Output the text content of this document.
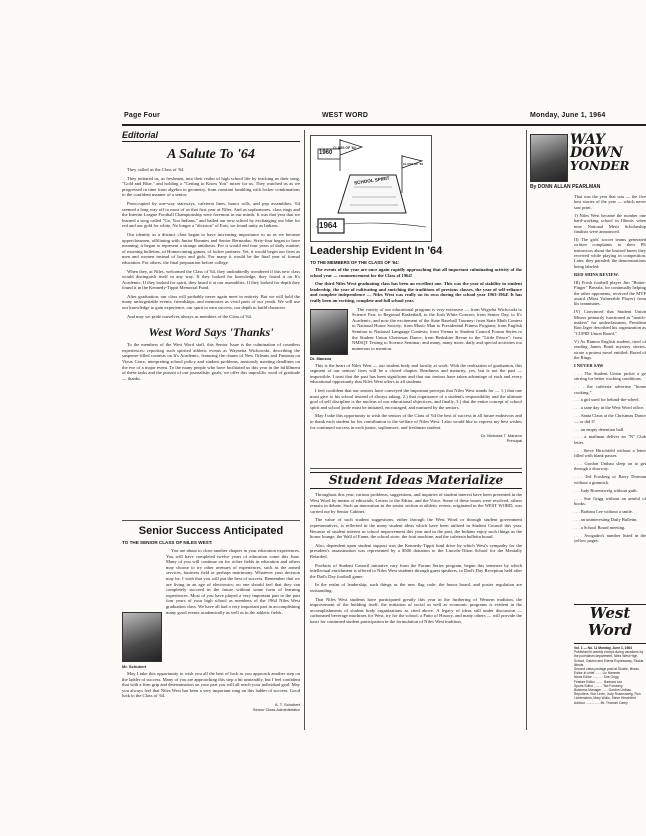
Page Four	WEST WORD	Monday, June 1, 1964
Editorial
A Salute To '64

They called us the Class of '64.

They initiated us, as freshmen, into their realm of high school life by teaching us their song, "Gold and Blue," and holding a "Getting to Know You" mixer for us. They watched us as we progressed in time from algebra to geometry, from constant fumbling with locker combinations to the confident manner of a senior.

Preoccupied by one-way stairways, cafeteria lines, honor rolls, and pep assemblies, '64 seemed a long way off to most of us that first year at Niles. And as sophomores, class rings and the Interim League Football Championship were foremost in our minds. It was that year that we learned a song called "Go, You Indians," and hailed our new school by exchanging our blue for red and our gold for white. No longer a "division" of East, we found unity as Indians.

Our identity as a distinct class began to have increasing importance to us as we became upperclassmen, affiliating with Junior Bonnies and Senior Bermudas. Sixty-four began to have meaning; it began to represent a strange antithesis. For it would end four years of daily routine, of morning bulletins, of Homecoming games, of locker partners. Yet, it would begin our lives as men and women instead of boys and girls. For many it would be the final year of formal education. For others, the final preparation before college.

When they, at Niles, welcomed the Class of '64, they undoubtedly wondered if this new class would distinguish itself in any way. If they looked for knowledge, they found it on It's Academic. If they looked for spirit, they heard it at our assemblies. If they looked for depth they found it in the Kennedy-Tippit Memorial Fund.

After graduation, our class will probably never again meet in entirety. But we will hold the many unforgettable events, friendships, and memories as vivid parts of our youth. We will use our knowledge to gain experience, our spirit to earn success, our depth to build character.

And may we pride ourselves always as members of the Class of '64.

West Word Says 'Thanks'

To the members of the West Word staff, this Senior Issue is the culmination of countless experiences: reporting such spirited athletic events as Waynetta Wichowski, describing the suspense-filled contests on It's Academic, featuring the charm of New Orleans and Fantasia on Vieux Carre, interpreting school policy and student problems, anxiously meeting deadlines on the eve of a major event. To the many people who have facilitated us this year in the fulfillment of these tasks and the pursuit of our journalistic goals, we offer this unprolific word of gratitude — thanks.

Senior Success Anticipated
TO THE SENIOR CLASS OF NILES WEST:

You are about to close another chapter in your education experiences. You will have completed twelve years of education come this June. Many of you will continue on for richer fields in education and others may choose to try other avenues of experiences, such as the armed services, business field or perhaps matrimony. Whatever your decision may be, I wish that you will put the best of success. Remember that we are living in an age of electronics; no one should feel that they can completely succeed in the future without some form of learning experiences. Most of you have played a very important part in the past four years of your high school as members of the 1964 Niles West graduation class. We have all had a very important part in accomplishing many good events academically as well as in the athletic fields.

Mr. Schubert

May I take this opportunity to wish you all the best of luck as you approach another step on the ladder of success. Many of you are approaching this step a bit unsteadily, but I feel confident that with a firm grip and determination on your part you will all reach your individual goal. May you always feel that Niles West has been a very important rung on this ladder of success. Good luck to the Class of '64.

A. T. Schubert
Senior Class Administrator
CLASS OF '64
SCHOOL SPIRIT
CLASS OF '64
1960
1964
Leadership Evident In '64
TO THE MEMBERS OF THE CLASS OF '64:

The events of the year are once again rapidly approaching that all important culminating activity of the school year — commencement for the Class of 1964!

Our third Niles West graduating class has been an excellent one. This was the year of stability in student leadership, the year of cultivating and enriching the traditions of previous classes, the year of self-reliance and complete independence — Niles West was really on its own during the school year 1963-1964! It has really been an exciting, complete and full school year.

The variety of our educational program is very extensive — from Wigwha Wichcoski to Science Fair, to Regional Basketball, to the Josh White Concert; from Senior Day, to It's Academic, and now the excitement of the State Baseball Tourney; from State Math Contest to National Honor Society; from Music Man to Presidential Fitness Program; from English Seminar to National Language Contests; from Vienna to Student Council Forum Series to the Student Union Christmas Dance, from Berkshire Revue to the "Little Prince"; from NMSQT Testing to Science Seminar; and many, many more, daily and special activities too numerous to mention.

Dr. Manzoo

This is the heart of Niles West — our student body and faculty at work. With the realization of graduation, this segment of our seniors' lives will be a closed chapter. Readiness and maturity, yes, but is not the past — impossible. I trust that the past has been significant and that our seniors have taken advantage of each and every educational opportunity that Niles West offers to all students.

I feel confident that our seniors have conveyed the important precepts that Niles West stands for — 1.) that one must give to his school instead of always taking, 2.) that cognizance of a student's responsibility and the ultimate goal of self discipline is the nucleus of our educational objectives, and finally, 3.) that the entire concept of school spirit and school pride must be initiated, encouraged, and nurtured by the seniors.

May I take this opportunity to wish the seniors of the Class of '64 the best of success in all future endeavors and to thank each student for his contribution to the welfare of Niles West. I also would like to express my best wishes for continued success in each junior, sophomore, and freshman student.

Dr. Nicholas T. Manzoo
Principal
Student Ideas Materialize

Throughout this year, various problems, suggestions, and inquiries of student interest have been presented in the West Word by means of editorials, Letters to the Editor, and the Voice. Some of these issues were resolved, others remain in debate. Such an innovation as the senior section at athletic events, originated in the WEST WORD, was carried out by Senior Cabinet.

The value of such student suggestions, either through the West Word or through student government representatives, is reflected in the many student ideas which have been utilized in Student Council this year. Because of student interest in school improvement this year and in the past, the Indians enjoy such things as the honor lounge, the Wall of Fame, the school store, the fruit machine, and the cafeteria bulletin board.

Also, dependent upon student support was the Kennedy-Tippit fund drive by which West's sympathy for the president's assassination was represented by a $500 donation to the Lincoln-Tilton School for the Mentally Retarded.

Products of Student Council initiative vary from the Forum Series program, begun this semester by which intellectual enrichment is offered to Niles West students through guest speakers, to Dad's Day Reception held after the Dad's Day football game.

In the realm of leadership, such things as the new flag code, the honor board, and poster regulation are outstanding.

That Niles West students have participated greatly this year in the furthering of Western tradition, the improvement of the building itself, the initiation of social as well as economic programs is evident in the accomplishments of student body organizations as cited above. A legacy of ideas still under discussion — carbonated beverage machines for West, try for the school, a Patio of History, and many others — will provide the basis for continued student participation in the formulation of Niles West tradition.

WAY
DOWN
YONDER
By DONN ALLAN PEARLMAN

That was the year that was — the five best stories of the year — which never saw print.

1) Niles West became the number one hard-working school in Illinois when nine National Merit Scholarship finalists were announced.

II) The girls' soccer teams generated written complaints to their PE instructors about the bruised knees they received while playing in competition. Later, they paraded; the demonstrations being labeled:

RED SHINS REVIEW.

III) Frosh football player Jim "Butter-Finger" Brezala, for continually helping the other opponents, received the MVP award (Most Vulnerable Player) from his teammates.

IV) Convinced that Student Union Misers primarily functioned as "match-makers" for underclassmen, President Ron Jager described his organization as "CUPID Union Board."

V) As Ramon English student, tired of reading James Bond mystery stories, wrote a protest novel entitled: Bored of the Rings.

I NEVER SAW

. . . The Student Union picket a go stirring for better working conditions.

. . . the cafeteria advertise "home cooking."

. . . a girl used for behind-the-wheel.

. . . a sane day in the West Word office.

. . . Santa Claus at the Christmas Dance — or did I?

. . . an empty detention hall.

. . . a mailman deliver an "N" Club letter.

. . . Steve Hirschfeld without a letter filled with blank passes.

. . . Gordon Unthau sleep on to get through a doorway.

. . . Ted Forsberg or Barry Dorman without a gimmick.

. . . Judy Rosenzweig without guilt.

. . . Sue Grigg without an armful of books.

. . . Barbara Lee without a smile.

. . . an uninteresting Daily Bulletin.

. . . a School Board meeting.

. . . Avogadro's number listed in the yellow pages.

West
Word
Vol. 1 — No. 11 Monday, June 1, 1964
Published bi-weekly except during vacations by the journalism department, Niles West High School, Oakton and Edens Expressway, Skokie, Illinois.
Second class postage paid at Skokie, Illinois.
Editor-in-chief ....... Liz Hammer
News Editor ........... Sue Grigg
Feature Editor ........ Barbara Lee
Sports Editor ......... Ted Forsberg
Business Manager ...... Gordon Unthau
Reporters: Sue Levin, Judy Rosenzweig, Ron Lichtenstein, Mary Wolin, Steve Hirschfeld
Advisor ............... Mr. Thomas Carey
